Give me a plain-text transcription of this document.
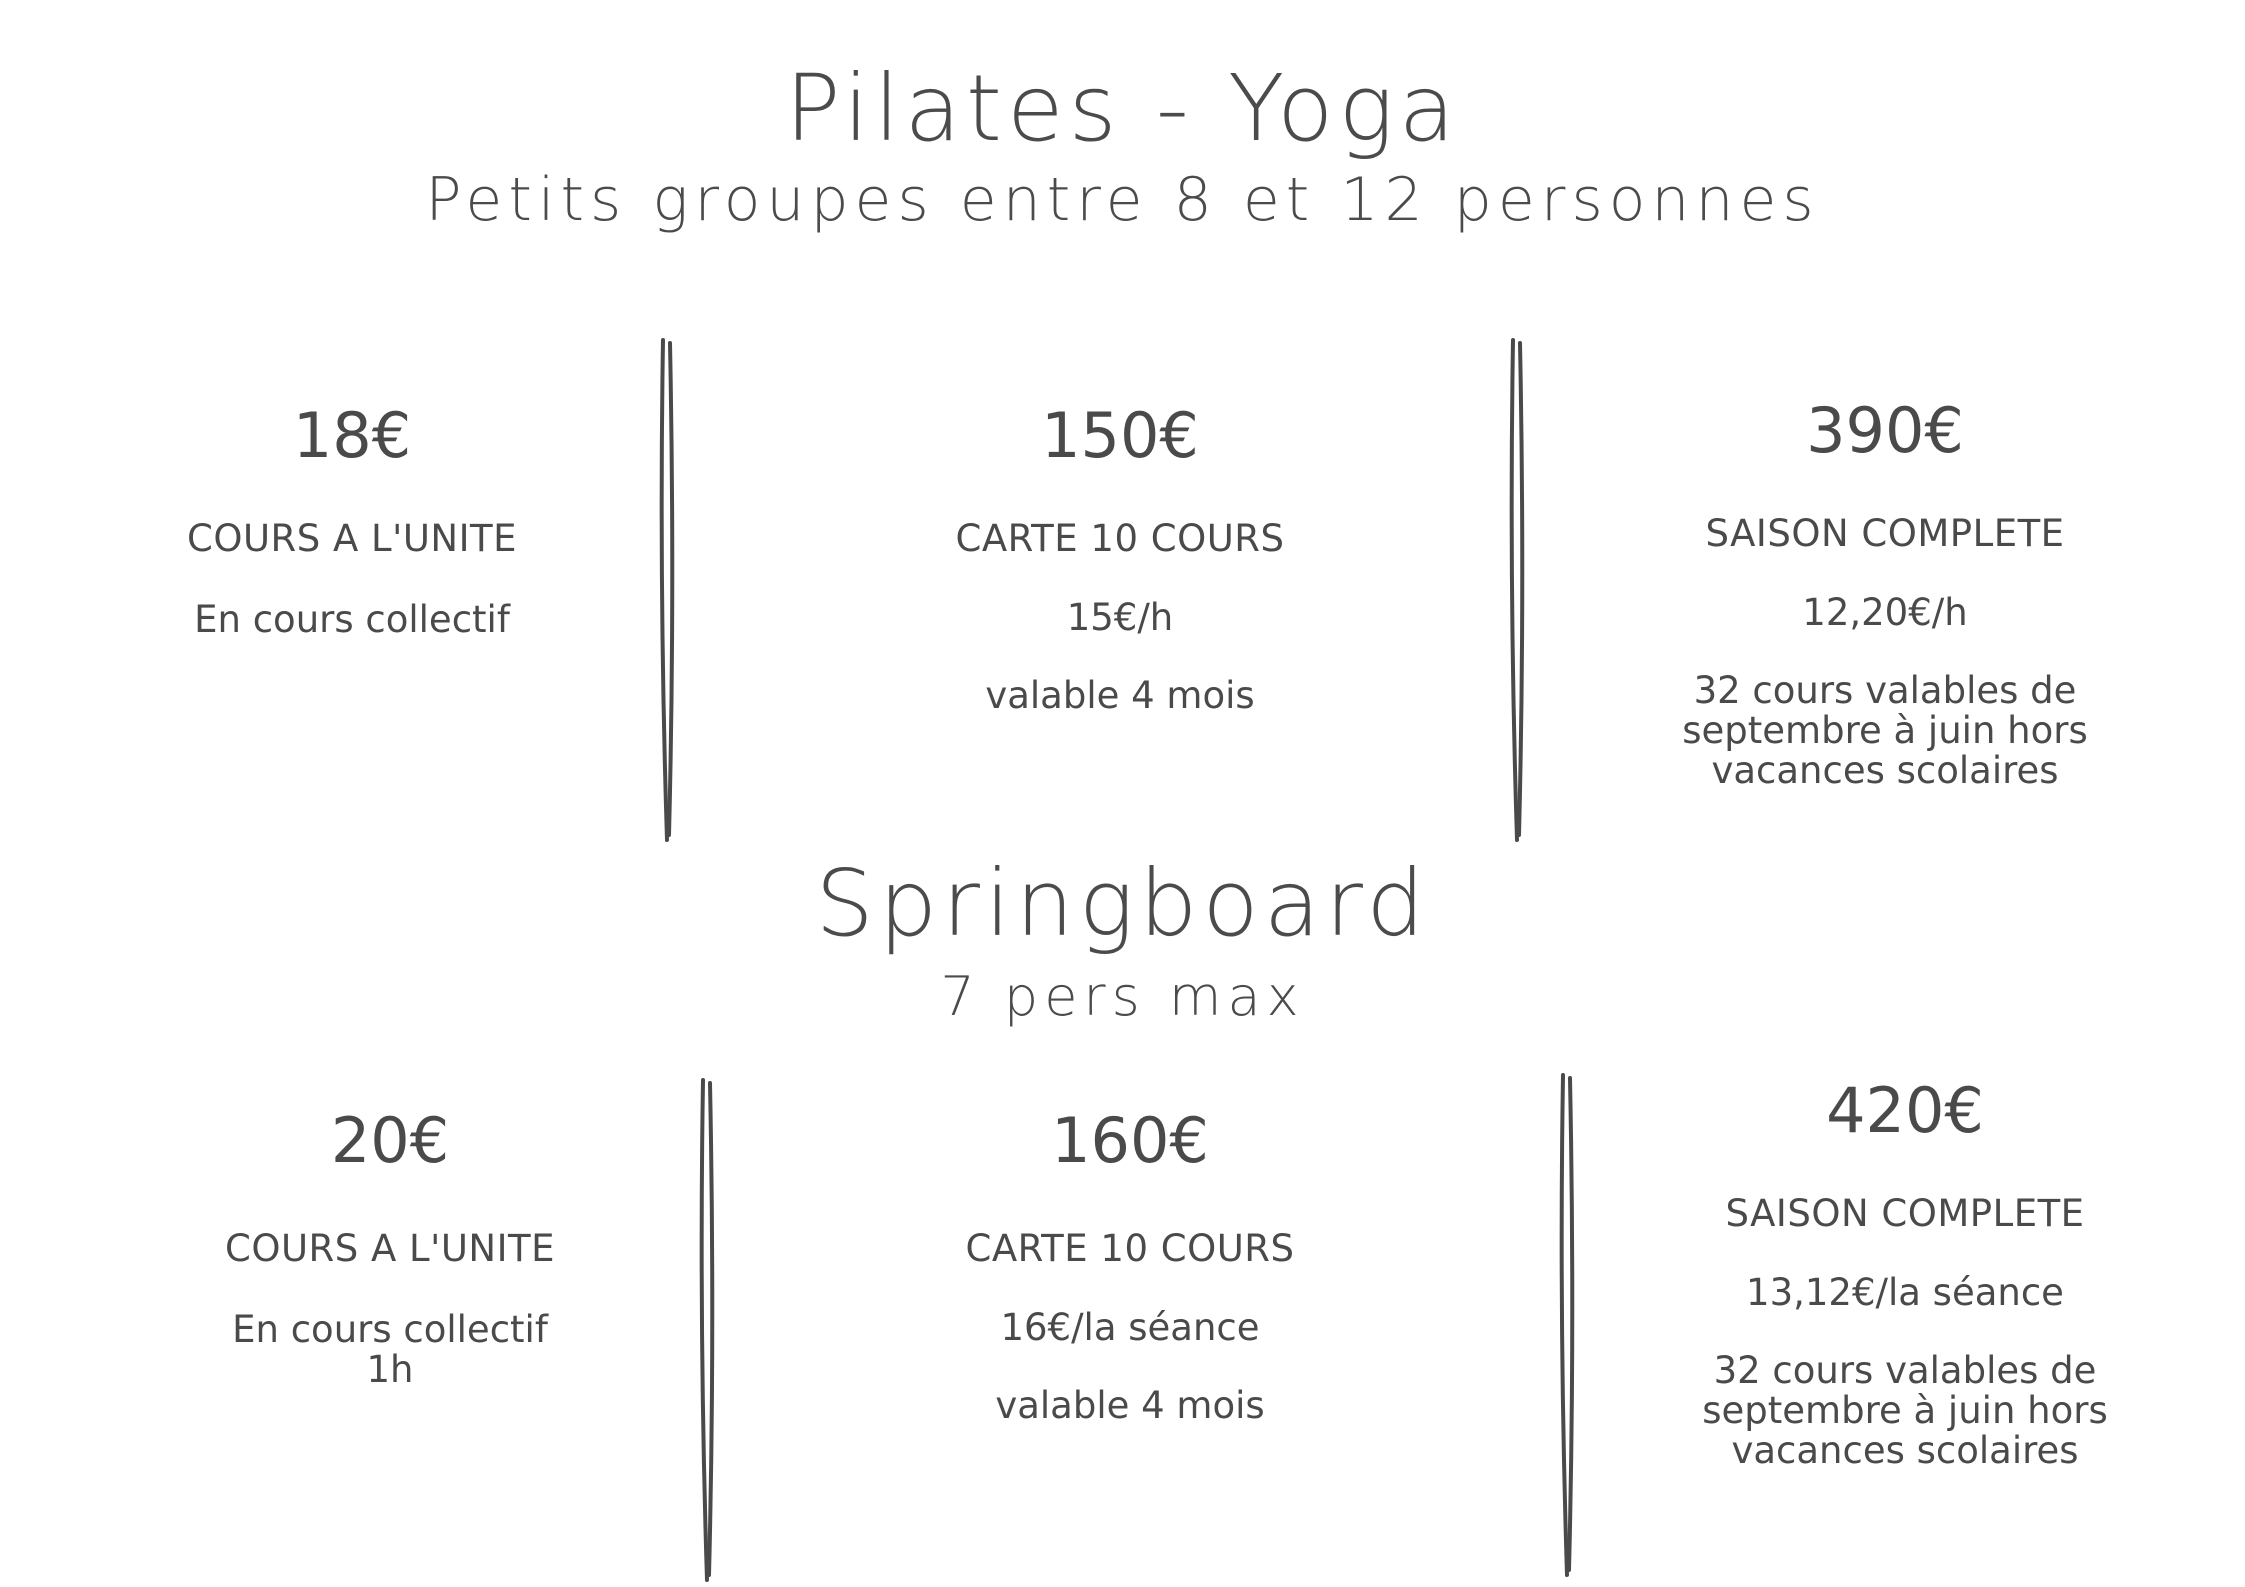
Pilates - Yoga
Petits groupes entre 8 et 12 personnes
18€
COURS A L'UNITE
En cours collectif
150€
CARTE 10 COURS
15€/h
valable 4 mois
390€
SAISON COMPLETE
12,20€/h
32 cours valables de septembre à juin hors vacances scolaires
Springboard
7 pers max
20€
COURS A L'UNITE
En cours collectif 1h
160€
CARTE 10 COURS
16€/la séance
valable 4 mois
420€
SAISON COMPLETE
13,12€/la séance
32 cours valables de septembre à juin hors vacances scolaires
